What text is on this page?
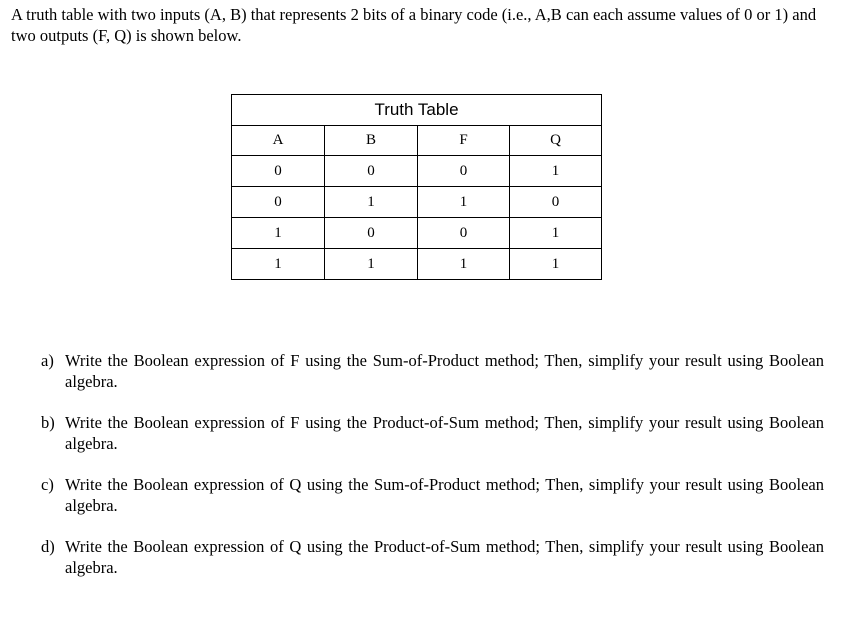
A truth table with two inputs (A, B) that represents 2 bits of a binary code (i.e., A,B can each assume values of 0 or 1) and two outputs (F, Q) is shown below.

Truth Table			
A	B	F	Q
0	0	0	1
0	1	1	0
1	0	0	1
1	1	1	1
a) Write the Boolean expression of F using the Sum-of-Product method; Then, simplify your result using Boolean algebra.
b) Write the Boolean expression of F using the Product-of-Sum method; Then, simplify your result using Boolean algebra.
c) Write the Boolean expression of Q using the Sum-of-Product method; Then, simplify your result using Boolean algebra.
d) Write the Boolean expression of Q using the Product-of-Sum method; Then, simplify your result using Boolean algebra.
